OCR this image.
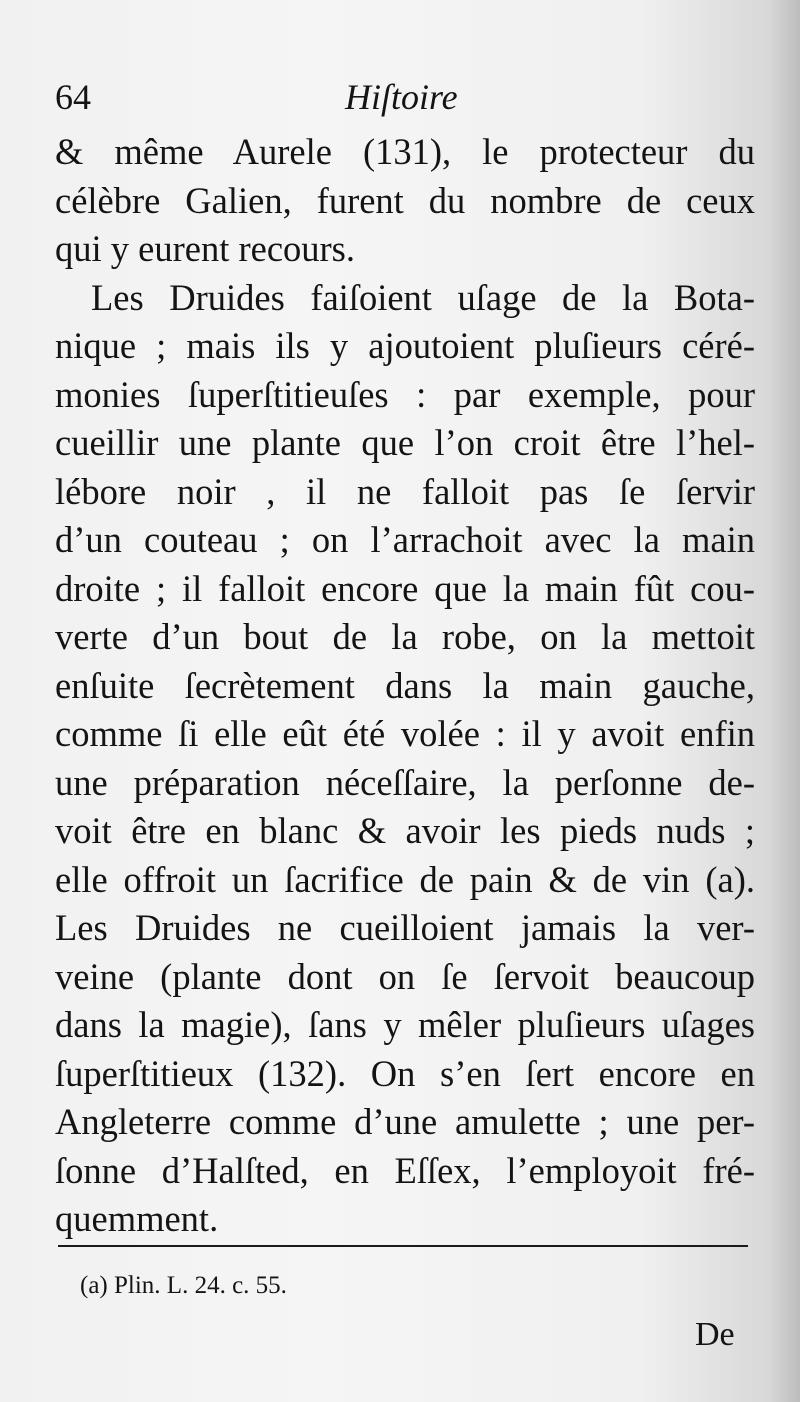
64	Hiſtoire
& même Aurele (131), le protecteur du
célèbre Galien, furent du nombre de ceux
qui y eurent recours.
Les Druides faiſoient uſage de la Bota-
nique ; mais ils y ajoutoient pluſieurs céré-
monies ſuperſtitieuſes : par exemple, pour
cueillir une plante que l’on croit être l’hel-
lébore noir , il ne falloit pas ſe ſervir
d’un couteau ; on l’arrachoit avec la main
droite ; il falloit encore que la main fût cou-
verte d’un bout de la robe, on la mettoit
enſuite ſecrètement dans la main gauche,
comme ſi elle eût été volée : il y avoit enfin
une préparation néceſſaire, la perſonne de-
voit être en blanc & avoir les pieds nuds ;
elle offroit un ſacrifice de pain & de vin (a).
Les Druides ne cueilloient jamais la ver-
veine (plante dont on ſe ſervoit beaucoup
dans la magie), ſans y mêler pluſieurs uſages
ſuperſtitieux (132). On s’en ſert encore en
Angleterre comme d’une amulette ; une per-
ſonne d’Halſted, en Eſſex, l’employoit fré-
quemment.
(a) Plin. L. 24. c. 55.
De
